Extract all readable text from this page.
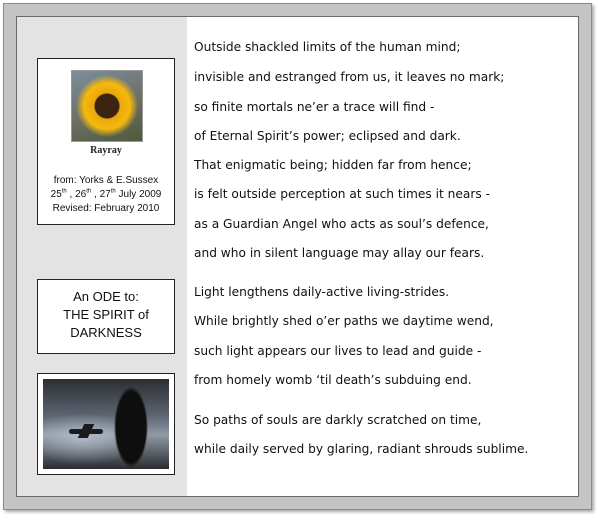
Rayray
from: Yorks & E.Sussex
25th , 26th , 27th July 2009
Revised: February 2010
An ODE to:
THE SPIRIT of
DARKNESS
Outside shackled limits of the human mind;
invisible and estranged from us, it leaves no mark;
so finite mortals ne’er a trace will find -
of Eternal Spirit’s power; eclipsed and dark.
That enigmatic being; hidden far from hence;
is felt outside perception at such times it nears -
as a Guardian Angel who acts as soul’s defence,
and who in silent language may allay our fears.
Light lengthens daily-active living-strides.
While brightly shed o’er paths we daytime wend,
such light appears our lives to lead and guide -
from homely womb ‘til death’s subduing end.
So paths of souls are darkly scratched on time,
while daily served by glaring, radiant shrouds sublime.
